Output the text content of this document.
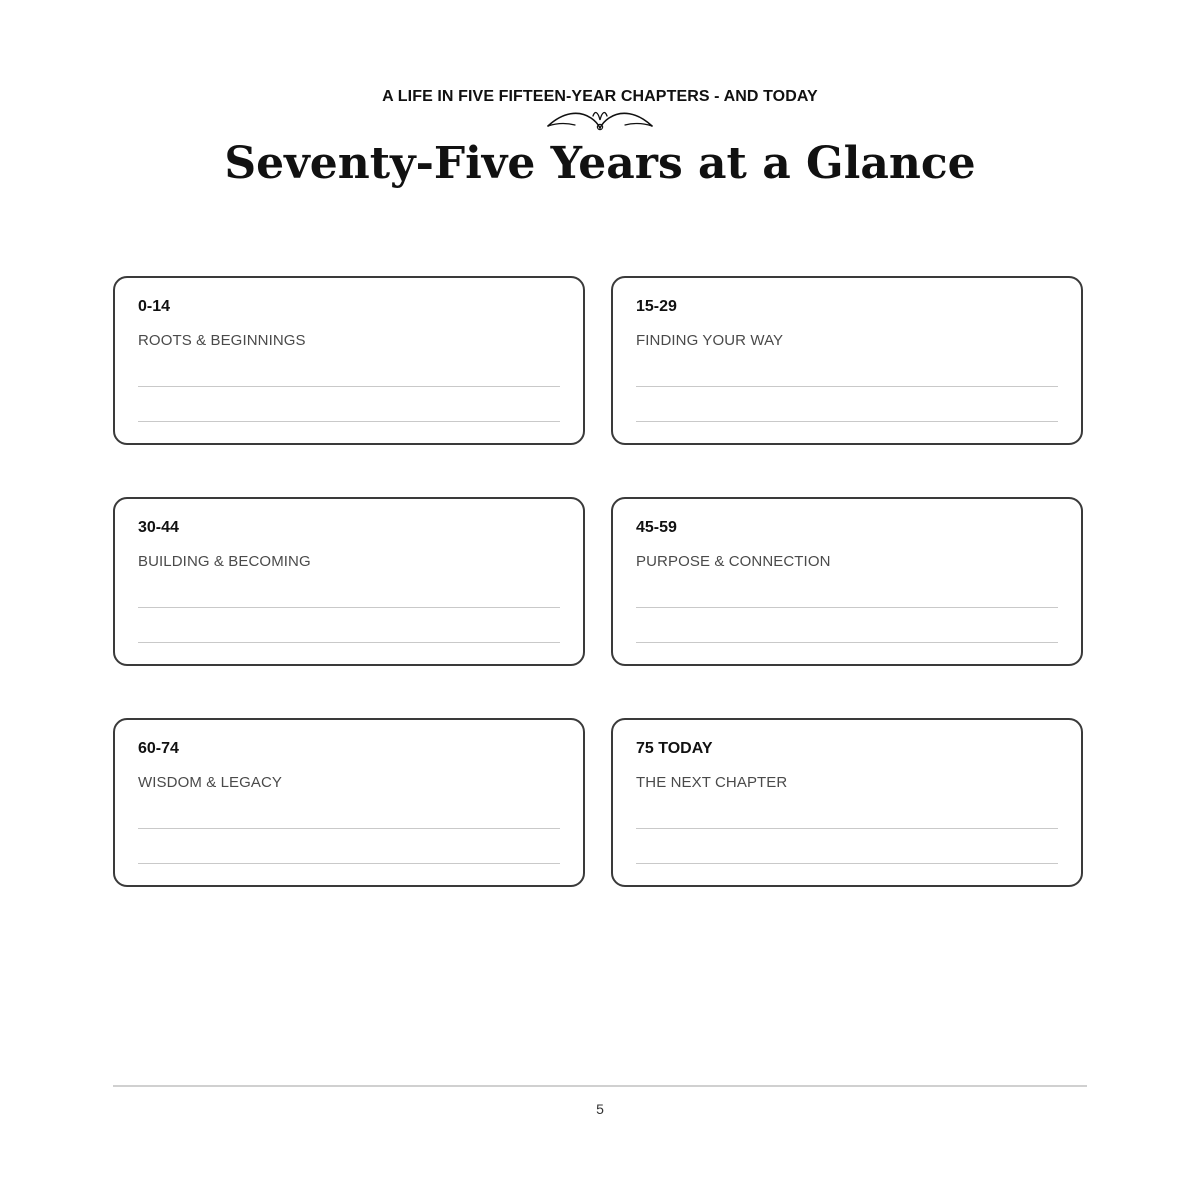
A LIFE IN FIVE FIFTEEN-YEAR CHAPTERS - AND TODAY
Seventy-Five Years at a Glance
0-14
ROOTS & BEGINNINGS
15-29
FINDING YOUR WAY
30-44
BUILDING & BECOMING
45-59
PURPOSE & CONNECTION
60-74
WISDOM & LEGACY
75 TODAY
THE NEXT CHAPTER
5
